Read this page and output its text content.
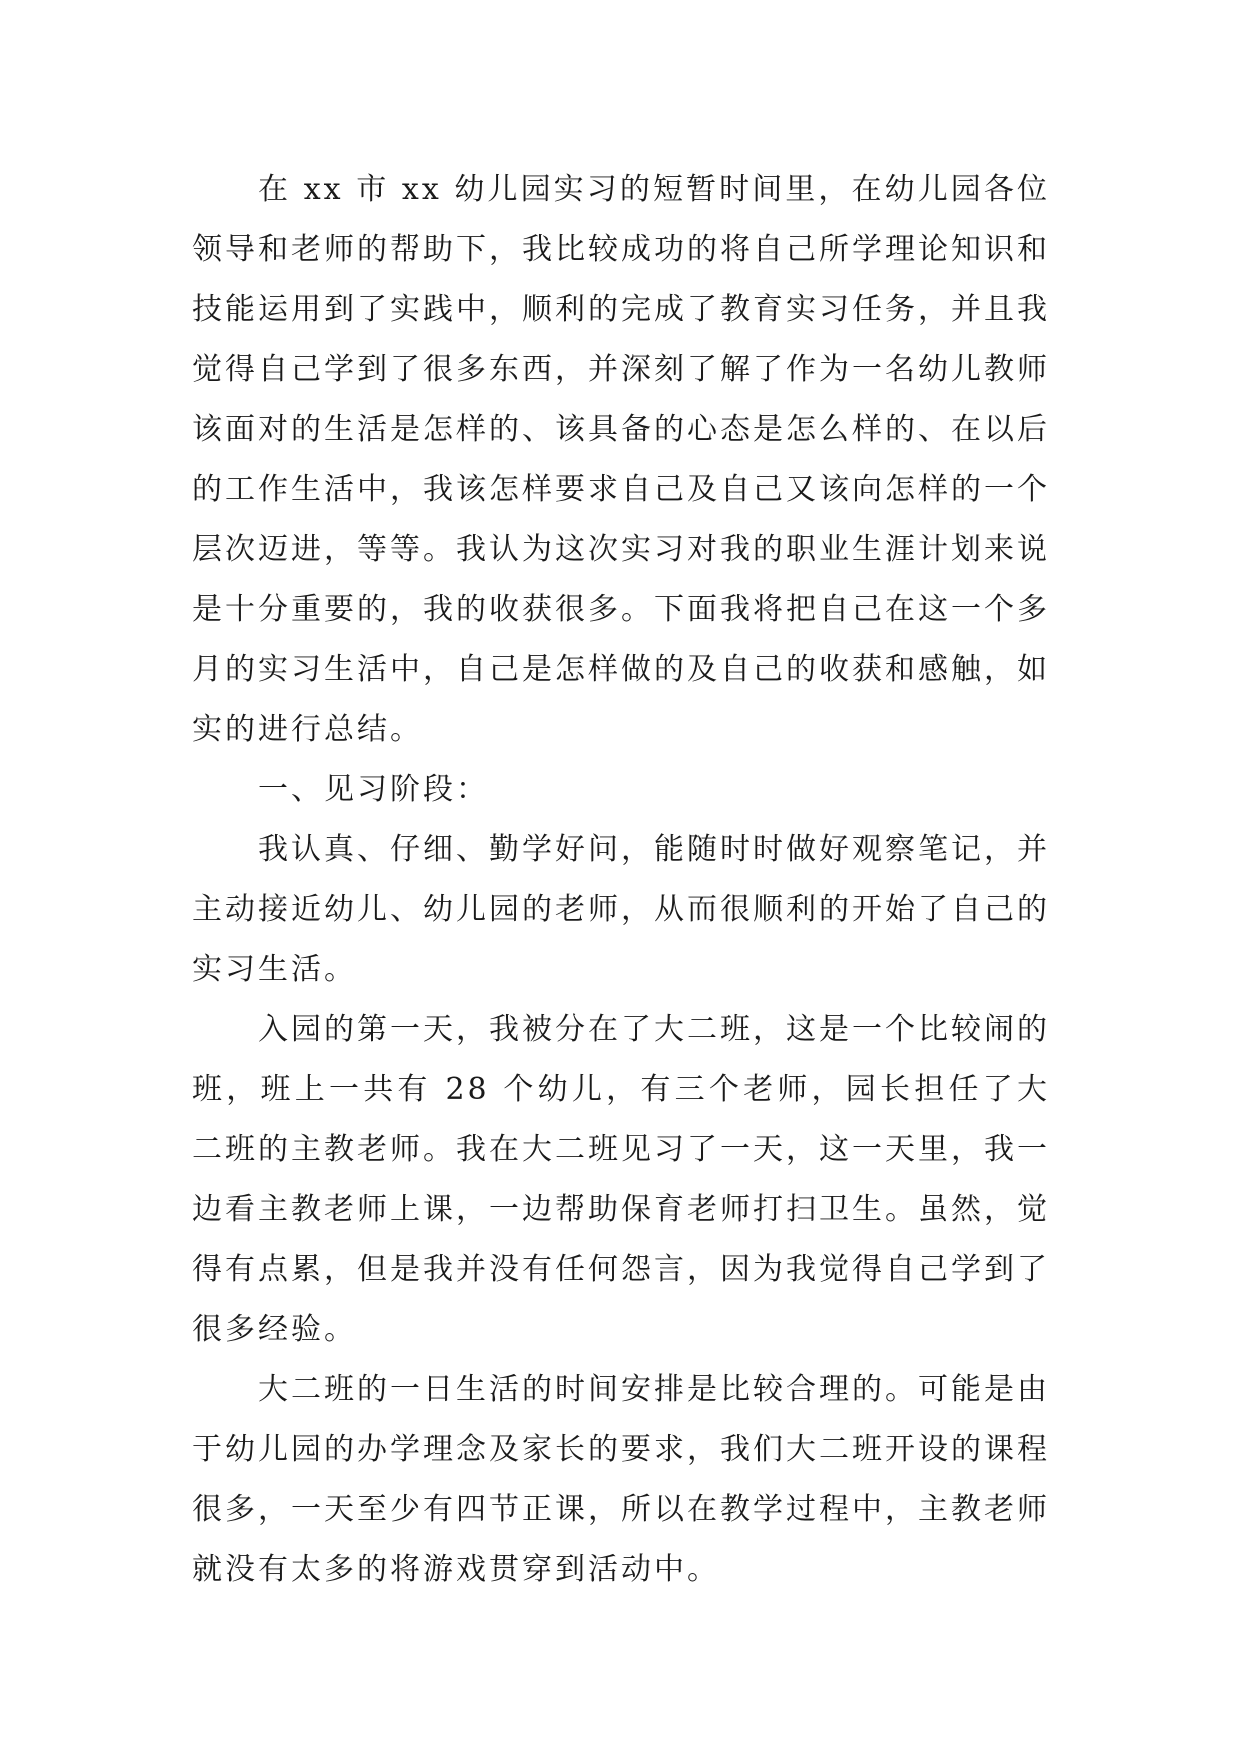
在 xx 市 xx 幼儿园实习的短暂时间里，在幼儿园各位领导和老师的帮助下，我比较成功的将自己所学理论知识和技能运用到了实践中，顺利的完成了教育实习任务，并且我觉得自己学到了很多东西，并深刻了解了作为一名幼儿教师该面对的生活是怎样的、该具备的心态是怎么样的、在以后的工作生活中，我该怎样要求自己及自己又该向怎样的一个层次迈进，等等。我认为这次实习对我的职业生涯计划来说是十分重要的，我的收获很多。下面我将把自己在这一个多月的实习生活中，自己是怎样做的及自己的收获和感触，如实的进行总结。

一、见习阶段：

我认真、仔细、勤学好问，能随时时做好观察笔记，并主动接近幼儿、幼儿园的老师，从而很顺利的开始了自己的实习生活。

入园的第一天，我被分在了大二班，这是一个比较闹的班，班上一共有 28 个幼儿，有三个老师，园长担任了大二班的主教老师。我在大二班见习了一天，这一天里，我一边看主教老师上课，一边帮助保育老师打扫卫生。虽然，觉得有点累，但是我并没有任何怨言，因为我觉得自己学到了很多经验。

大二班的一日生活的时间安排是比较合理的。可能是由于幼儿园的办学理念及家长的要求，我们大二班开设的课程很多，一天至少有四节正课，所以在教学过程中，主教老师就没有太多的将游戏贯穿到活动中。
